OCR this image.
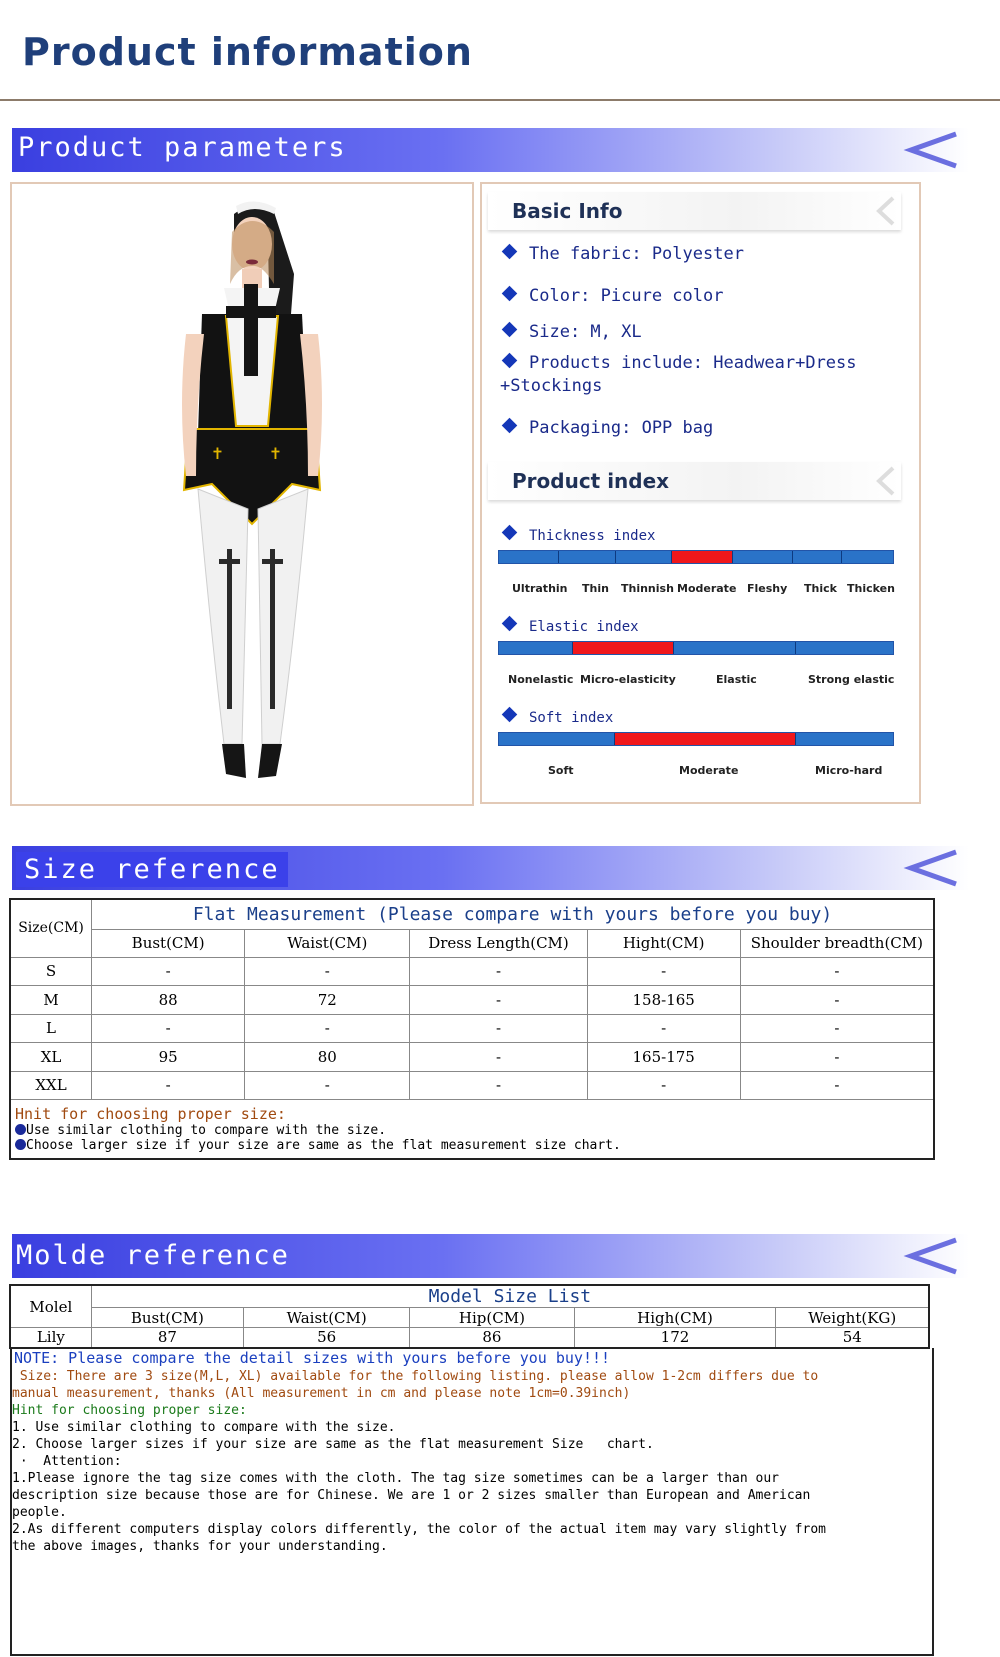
Product information
Product parameters
✝	✝
Basic Info
The fabric: Polyester
Color: Picure color
Size: M, XL
Products include: Headwear+Dress
+Stockings
Packaging: OPP bag
Product index
Thickness index
Ultrathin Thin Thinnish Moderate Fleshy Thick Thicken
Elastic index
Nonelastic Micro-elasticity	Elastic	Strong elastic
Soft index
Soft	Moderate	Micro-hard
Size reference
Size(CM)	Flat Measurement (Please compare with yours before you buy)				
	Bust(CM)	Waist(CM)	Dress Length(CM)	Hight(CM)	Shoulder breadth(CM)
S	-	-	-	-	-
M	88	72	-	158-165	-
L	-	-	-	-	-
XL	95	80	-	165-175	-
XXL	-	-	-	-	-

Hnit for choosing proper size:
Use similar clothing to compare with the size.
Choose larger size if your size are same as the flat measurement size chart.					
Molde reference
Molel	Model Size List				
	Bust(CM)	Waist(CM)	Hip(CM)	High(CM)	Weight(KG)
Lily	87	56	86	172	54
NOTE: Please compare the detail sizes with yours before you buy!!!
Size: There are 3 size(M,L, XL) available for the following listing. please allow 1-2cm differs due to
manual measurement, thanks (All measurement in cm and please note 1cm=0.39inch)
Hint for choosing proper size:
1. Use similar clothing to compare with the size.
2. Choose larger sizes if your size are same as the flat measurement Size   chart.
·  Attention:
1.Please ignore the tag size comes with the cloth. The tag size sometimes can be a larger than our
description size because those are for Chinese. We are 1 or 2 sizes smaller than European and American
people.
2.As different computers display colors differently, the color of the actual item may vary slightly from
the above images, thanks for your understanding.
